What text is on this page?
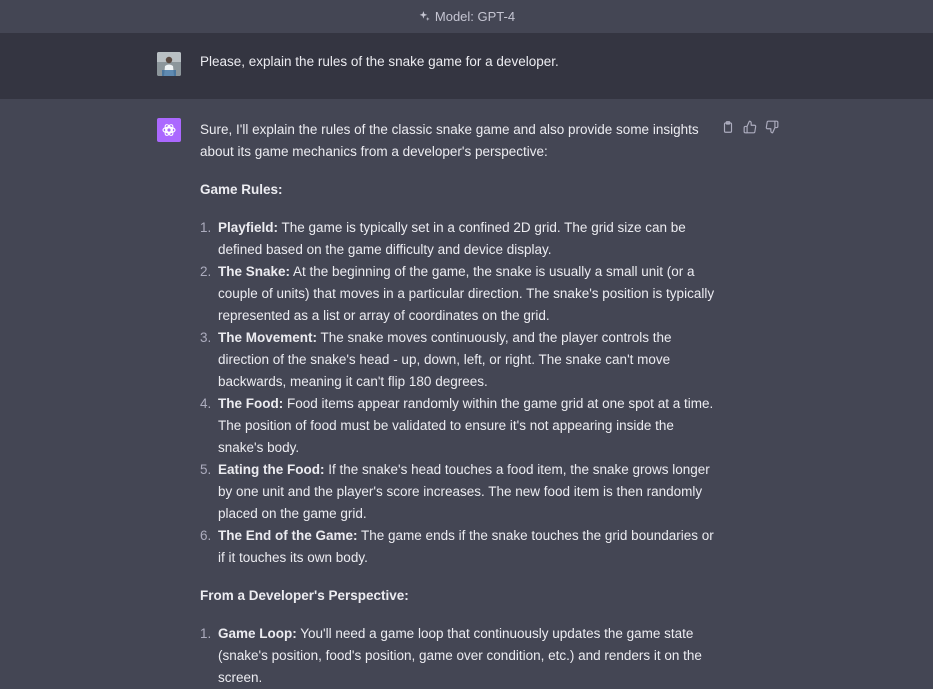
Model: GPT-4
Please, explain the rules of the snake game for a developer.

Sure, I'll explain the rules of the classic snake game and also provide some insights about its game mechanics from a developer's perspective:

Game Rules:

1. Playfield: The game is typically set in a confined 2D grid. The grid size can be defined based on the game difficulty and device display.
2. The Snake: At the beginning of the game, the snake is usually a small unit (or a couple of units) that moves in a particular direction. The snake's position is typically represented as a list or array of coordinates on the grid.
3. The Movement: The snake moves continuously, and the player controls the direction of the snake's head - up, down, left, or right. The snake can't move backwards, meaning it can't flip 180 degrees.
4. The Food: Food items appear randomly within the game grid at one spot at a time. The position of food must be validated to ensure it's not appearing inside the snake's body.
5. Eating the Food: If the snake's head touches a food item, the snake grows longer by one unit and the player's score increases. The new food item is then randomly placed on the game grid.
6. The End of the Game: The game ends if the snake touches the grid boundaries or if it touches its own body.

From a Developer's Perspective:

1. Game Loop: You'll need a game loop that continuously updates the game state (snake's position, food's position, game over condition, etc.) and renders it on the screen.
